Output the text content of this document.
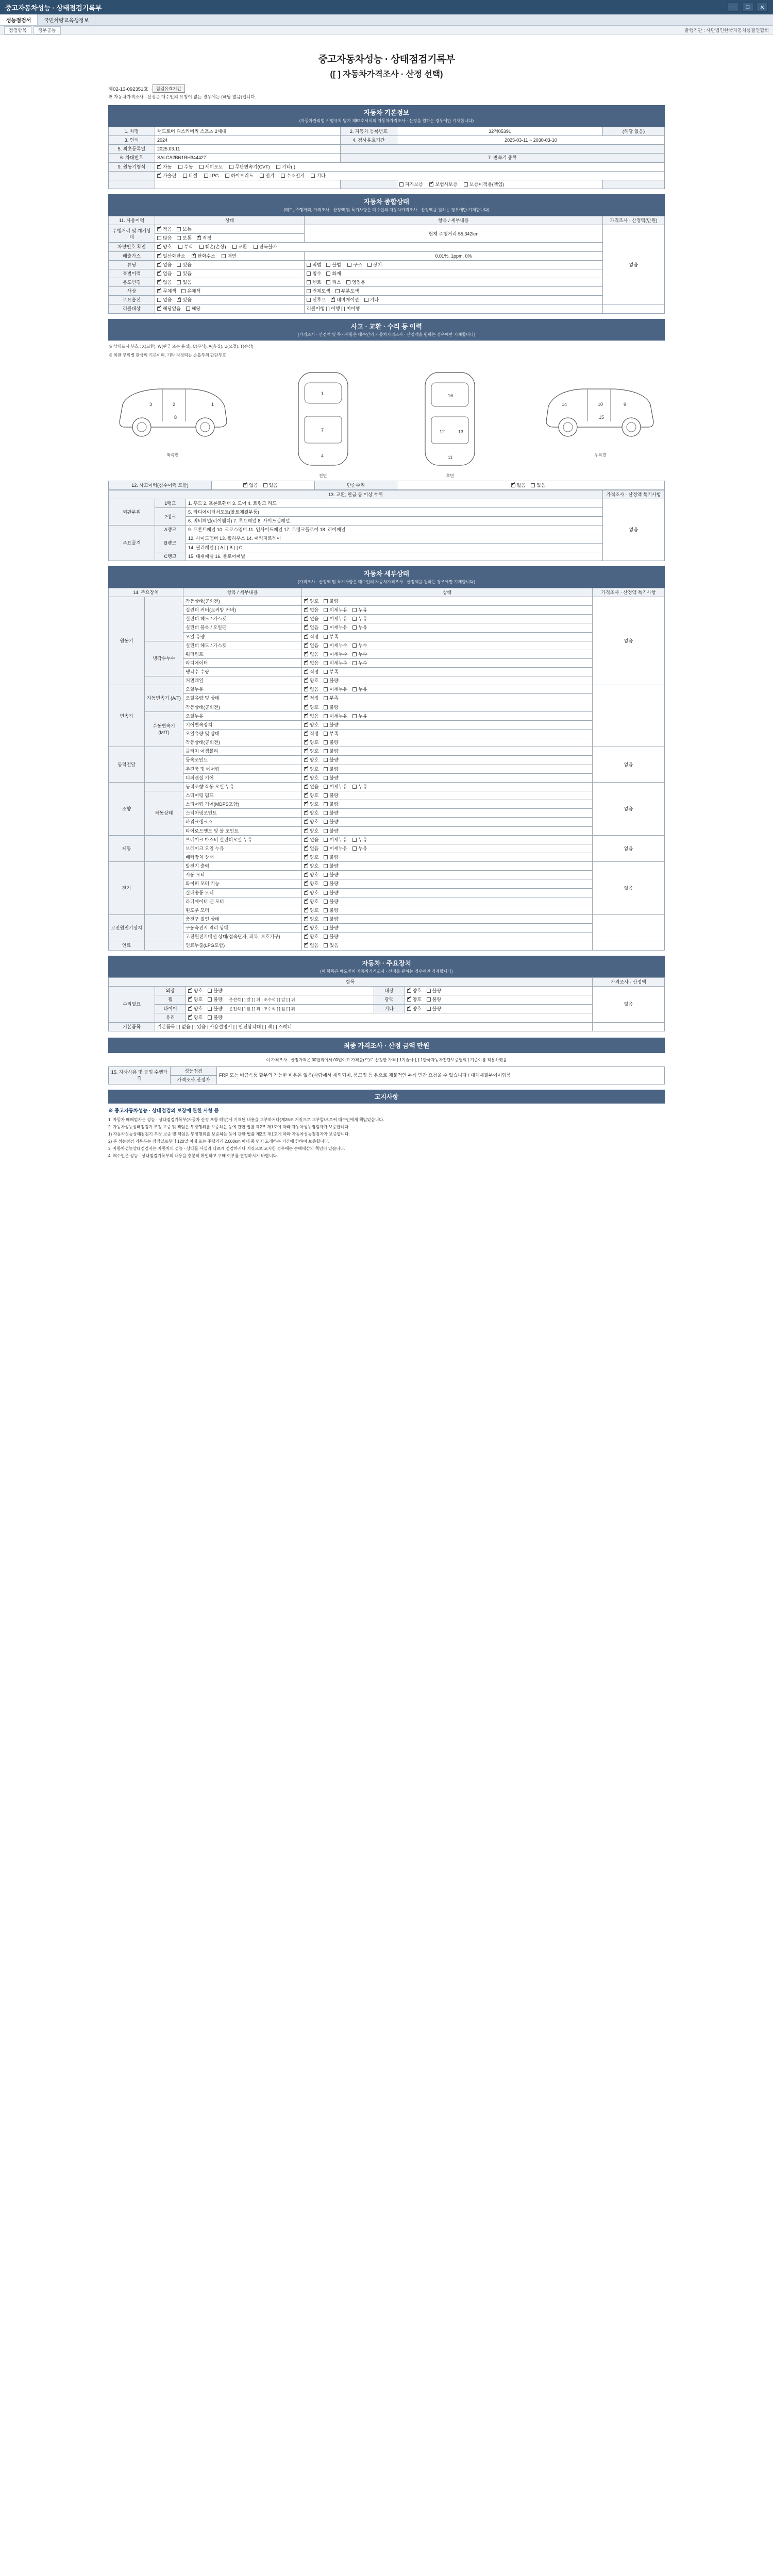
중고자동차성능 · 상태점검기록부	─	□	✕
성능점검서	국민차량교육생정보
점검항목	정부공통	발행기관 : 사단법인한국자동차품질연합회
중고자동차성능 · 상태점검기록부
([ ] 자동차가격조사 · 산정 선택)
제02-13-092351호	점검유효기간
※ 자동차가격조사 · 산정은 매수인의 요청이 없는 경우에는 (해당 없음)입니다.
자동차 기본정보
(자동차관리법 시행규칙 별지 제82호서식의 자동차가격조사 · 산정을 원하는 경우에만 기재합니다)
1. 차명	랜드로버 디스커버리 스포츠 2세대	2. 자동차 등록번호	32저05391	(해당 없음)
3. 연식	2024	4. 검사유효기간	2025-03-11 ~ 2030-03-10	
5. 최초등록일	2025.03.11			
6. 차대번호	SALCA2BN1RH344427	7. 변속기 종류		
9. 원동기형식	✔자동 수동 세미오토 무단변속기(CVT) 기타( )
	✔가솔린 디젤 LPG 하이브리드 전기 수소전지 기타
			자가보증 ✔ 보험사보증 보증미적용(책임)	
자동차 종합상태
(매도, 주행거리, 가격조사 · 산정액 및 특기사항은 매수인의 자동차가격조사 · 산정액을 원하는 경우에만 기재합니다)
11. 사용이력	상태	항목 / 세부내용	가격조사 · 산정액(만원)
주행거리 및 계기상태	✔적음 보통	현재 주행거리 55,342km	없음
	많음 보통 ✔ 적정
차량번호 확인	✔양호 부식 훼손(손상) 교환 판독불가
배출가스	✔일산화탄소 ✔ 탄화수소 매연	0.01%, 1ppm, 0%	
튜닝	✔없음 있음	적법 불법 구조 장치	
특별이력	✔없음 있음	침수 화재	
용도변경	✔없음 있음	렌트 리스 영업용	
색상	✔무채색 유채색	전체도색 부분도색	
주요옵션	없음 ✔ 있음	선루프 ✔ 내비게이션 기타
리콜대상	✔해당없음 해당	리콜이행 [ ] 이행 [ ] 미이행	
사고 · 교환 · 수리 등 이력
(가격조사 · 산정액 및 특기사항은 매수인의 자동차가격조사 · 산정액을 원하는 경우에만 기재합니다)
※ 상태표시 부호 : X(교환), W(판금 또는 용접), C(부식), A(흠집), U(요철), T(손상)
※ 외판 부위별 판금의 기준이며, 기타 지정되는 손톱부위 판단부호
3	2	1
8
좌측면
1
7
4
전면
16
12	13
11
후면
9
10
14
15
우측면
12. 사고이력(침수이력 포함)	✔없음 있음	단순수리	✔없음 있음
13. 교환, 판금 등 이상 부위			가격조사 · 산정액 특기사항
외판부위	1랭크	1. 후드 2. 프론트휀더 3. 도어 4. 트렁크 리드	없음
	2랭크	5. 라디에이터서포트(볼트체결부품)	
		6. 쿼터패널(리어휀더) 7. 루프패널 8. 사이드실패널	
주요골격	A랭크	9. 프론트패널 10. 크로스멤버 11. 인사이드패널 17. 트렁크플로어 18. 리어패널	
	B랭크	12. 사이드멤버 13. 휠하우스 14. 패키지트레이	
		14. 필러패널 [ ] A [ ] B [ ] C	
	C랭크	15. 대쉬패널 16. 플로어패널	
자동차 세부상태
(가격조사 · 산정액 및 특기사항은 매수인의 자동차가격조사 · 산정액을 원하는 경우에만 기재합니다)
14. 주요장치		항목 / 세부내용	상태	가격조사 · 산정액 특기사항
원동기		작동상태(공회전)	✔양호 불량	없음
		실린더 커버(로커암 커버)	✔없음 미세누유 누유
		실린더 헤드 / 가스켓	✔없음 미세누유 누유
		실린더 블록 / 오일팬	✔없음 미세누유 누유
		오일 유량	✔적정 부족
	냉각수누수	실린더 헤드 / 가스켓	✔없음 미세누수 누수
		워터펌프	✔없음 미세누수 누수
		라디에이터	✔없음 미세누수 누수
		냉각수 수량	✔적정 부족
		커먼레일	✔양호 불량
변속기	자동변속기 (A/T)	오일누유	✔없음 미세누유 누유	
		오일유량 및 상태	✔적정 부족
		작동상태(공회전)	✔양호 불량
	수동변속기 (M/T)	오일누유	✔없음 미세누유 누유
		기어변속장치	✔양호 불량
		오일유량 및 상태	✔적정 부족
		작동상태(공회전)	✔양호 불량
동력전달		클러치 어셈블리	✔양호 불량	없음
		등속조인트	✔양호 불량
		추진축 및 베어링	✔양호 불량
		디퍼렌셜 기어	✔양호 불량
조향		동력조향 작동 오일 누유	✔없음 미세누유 누유	없음
	작동상태	스티어링 펌프	✔양호 불량
		스티어링 기어(MDPS포함)	✔양호 불량
		스티어링조인트	✔양호 불량
		파워크랭크스	✔양호 불량
		타이로드엔드 및 볼 조인트	✔양호 불량
제동		브레이크 마스터 실린더오일 누유	✔없음 미세누유 누유	없음
		브레이크 오일 누유	✔없음 미세누유 누유
		배력장치 상태	✔양호 불량
전기		발전기 출력	✔양호 불량	없음
		시동 모터	✔양호 불량
		와이퍼 모터 기능	✔양호 불량
		실내송풍 모터	✔양호 불량
		라디에이터 팬 모터	✔양호 불량
		윈도우 모터	✔양호 불량
고전원전기장치		충전구 절연 상태	✔양호 불량	
		구동축전지 격리 상태	✔양호 불량
		고전원전기배선 상태(접속단자, 피복, 보호기구)	✔양호 불량
연료		연료누출(LPG포함)	✔없음 있음	
자동차 · 주요장치
(이 항목은 매도인이 자동차가격조사 · 산정을 원하는 경우에만 기재합니다)
항목					가격조사 · 산정액
수리필요	외장	✔양호 불량	내장	✔양호 불량	없음
	휠	✔양호 불량 운전석 [ ] 앞 [ ] 뒤 | 조수석 [ ] 앞 [ ] 뒤	광택	✔양호 불량
	타이어	✔양호 불량 운전석 [ ] 앞 [ ] 뒤 | 조수석 [ ] 앞 [ ] 뒤	기타	✔양호 불량
	유리	✔양호 불량
기본품목	기본품목 [ ] 없음 [ ] 있음 | 사용설명서 [ ] 안전삼각대 [ ] 잭 [ ] 스패너				
최종 가격조사 · 산정 금액 만원
이 가격조사 · 산정가격은 00협회에서 00법이고 가격을(으)로 산정한 가격 [ 1기술사 ], [ 1한국자동차진단보증협회 ] 기준이를 적용하였음
15. 자사사용 및 공업 수행가격	성능점검	FRP 또는 비금속품 할부의 가능한 비용은 없음(사람에서 제외되며, 품고정 등 용으로 체불적인 부식 민간 요청을 수 있습니다 / 대체재질부여여업품
가격조사·산정자
고지사항
※ 중고자동차성능 · 상태점검의 보장에 관한 사항 등

1. 자동차 매매업자는 성능 · 상태점검기록부(자동차 산정 포함 해당)에 기재된 내용을 교부하거나(제26조 거짓으로 교부할/으로써 매수인에게 책임있습니다.

2. 자동차성능상태점검기 부정 보증 및 책임은 부정행위를 보증하는 등에 관한 법률 제2조 제1호에 따라 자동차성능점검자가 보증합니다.

1) 자동차성능상태점검기 부정 보증 및 책임은 부정행위를 보증하는 등에 관한 법률 제2조 제1호에 따라 자동차성능점검자가 보증합니다.

2) 본 성능점검 기록부는 점검일로부터 120일 이내 또는 주행거리 2,000km 이내 중 먼저 도래하는 기간에 한하여 보증합니다.

3. 자동차성능상태점검자는 자동차의 성능 · 상태를 사실과 다르게 점검하거나 거짓으로 고지한 경우에는 손해배상의 책임이 있습니다.

4. 매수인은 성능 · 상태점검기록부의 내용을 충분히 확인하고 구매 여부를 결정하시기 바랍니다.
